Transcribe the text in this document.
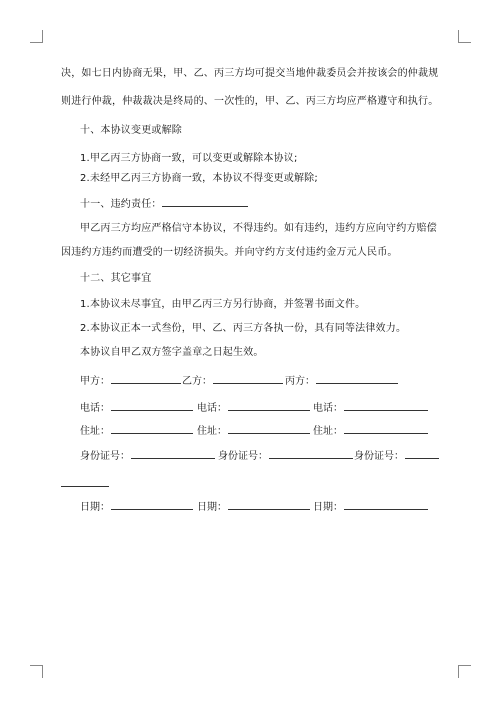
决，如七日内协商无果，甲、乙、丙三方均可提交当地仲裁委员会并按该会的仲裁规
则进行仲裁，仲裁裁决是终局的、一次性的，甲、乙、丙三方均应严格遵守和执行。
十、本协议变更或解除
1.甲乙丙三方协商一致，可以变更或解除本协议;
2.未经甲乙丙三方协商一致，本协议不得变更或解除;
十一、违约责任：
甲乙丙三方均应严格信守本协议，不得违约。如有违约，违约方应向守约方赔偿
因违约方违约而遭受的一切经济损失。并向守约方支付违约金万元人民币。
十二、其它事宜
1.本协议未尽事宜，由甲乙丙三方另行协商，并签署书面文件。
2.本协议正本一式叁份，甲、乙、丙三方各执一份，具有同等法律效力。
本协议自甲乙双方签字盖章之日起生效。
甲方：	乙方：	丙方：
电话：	电话：	电话：
住址：	住址：	住址：
身份证号：	身份证号：	身份证号：
日期：	日期：	日期：
